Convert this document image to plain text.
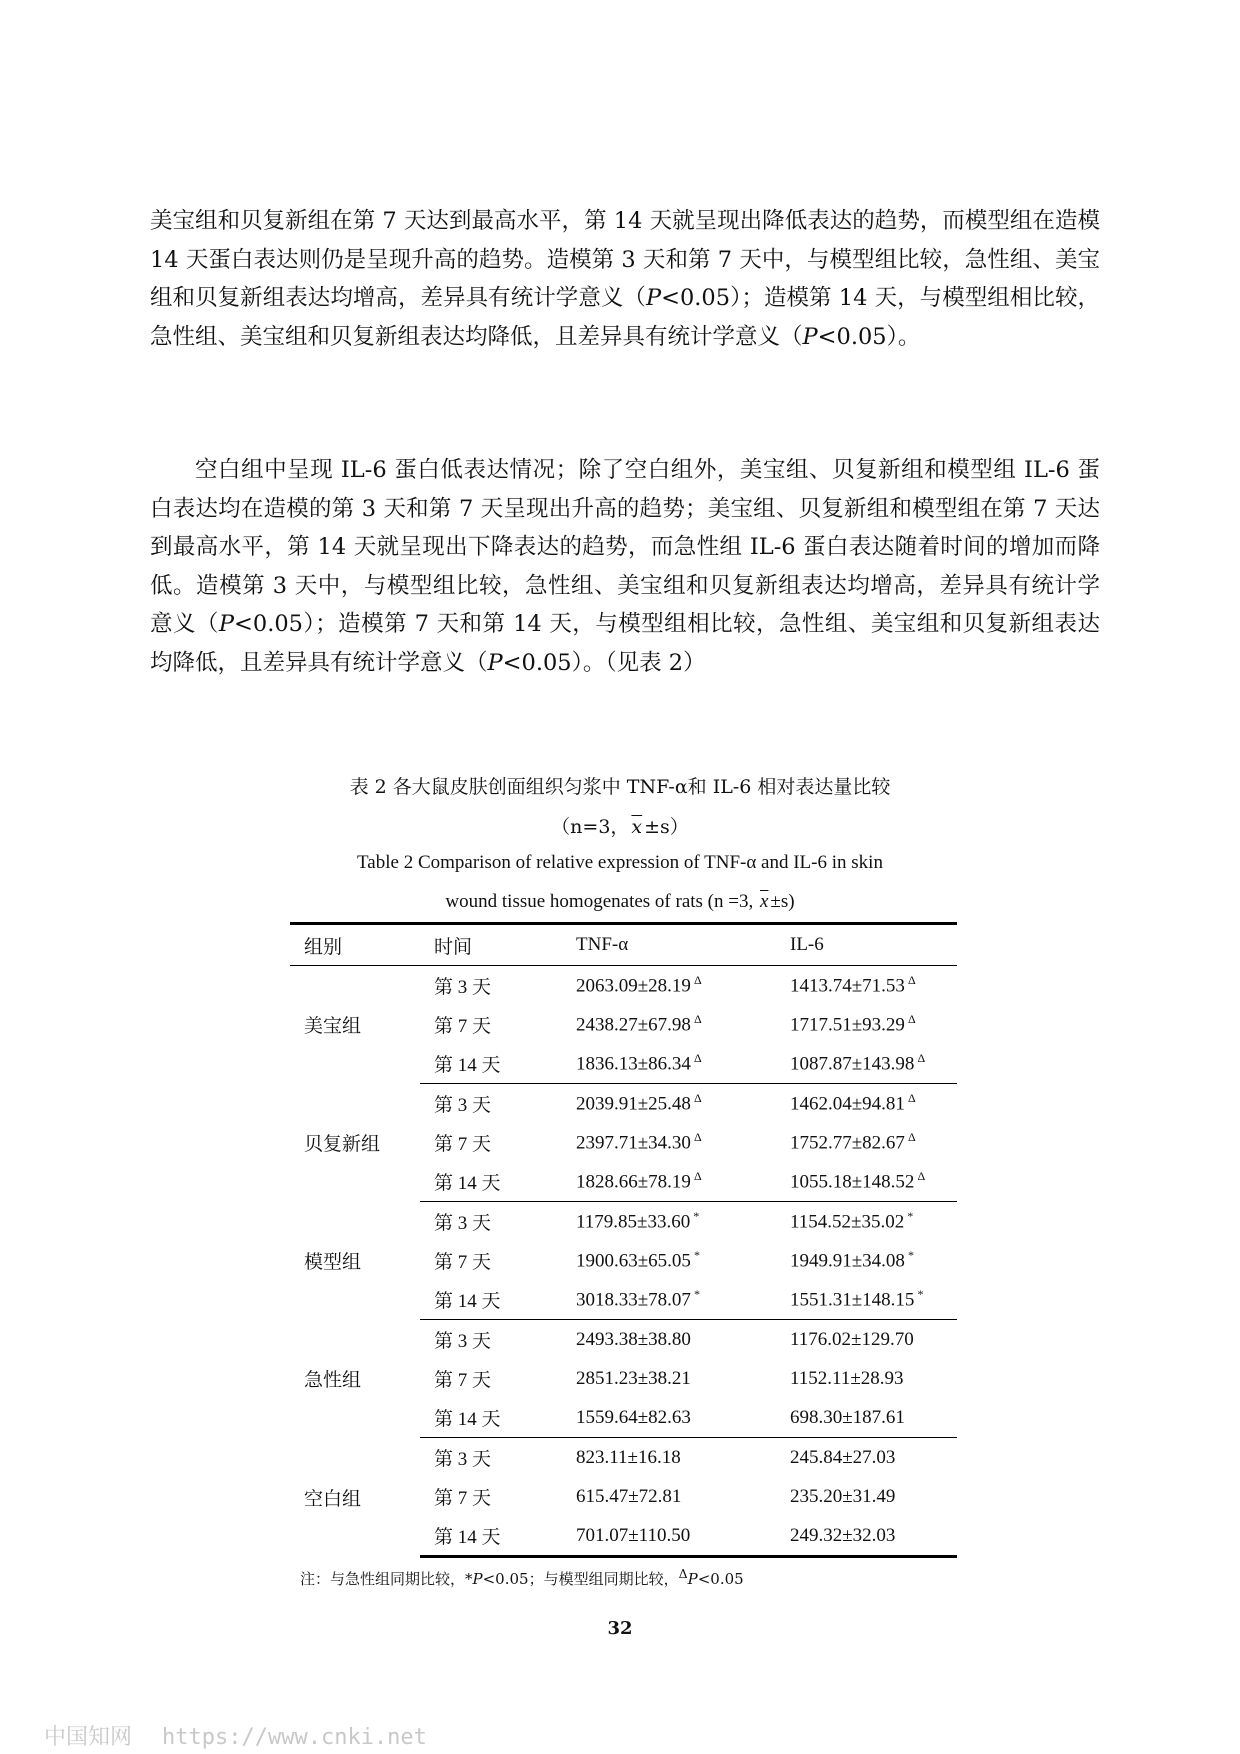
美宝组和贝复新组在第 7 天达到最高水平，第 14 天就呈现出降低表达的趋势，而模型组在造模 14 天蛋白表达则仍是呈现升高的趋势。造模第 3 天和第 7 天中，与模型组比较，急性组、美宝组和贝复新组表达均增高，差异具有统计学意义（P<0.05）；造模第 14 天，与模型组相比较，急性组、美宝组和贝复新组表达均降低，且差异具有统计学意义（P<0.05）。

空白组中呈现 IL-6 蛋白低表达情况；除了空白组外，美宝组、贝复新组和模型组 IL-6 蛋白表达均在造模的第 3 天和第 7 天呈现出升高的趋势；美宝组、贝复新组和模型组在第 7 天达到最高水平，第 14 天就呈现出下降表达的趋势，而急性组 IL-6 蛋白表达随着时间的增加而降低。造模第 3 天中，与模型组比较，急性组、美宝组和贝复新组表达均增高，差异具有统计学意义（P<0.05）；造模第 7 天和第 14 天，与模型组相比较，急性组、美宝组和贝复新组表达均降低，且差异具有统计学意义（P<0.05）。（见表 2）

表 2 各大鼠皮肤创面组织匀浆中 TNF-α和 IL-6 相对表达量比较

（n=3， $\overline{x} \pm s$）

Table 2 Comparison of relative expression of TNF-α and IL-6 in skin

wound tissue homogenates of rats (n =3, $\overline{x} \pm s$)

组别	时间	TNF-α	IL-6
美宝组	第 3 天	2063.09±28.19 $^\Delta$	1413.74±71.53 $^\Delta$
	第 7 天	2438.27±67.98 $^\Delta$	1717.51±93.29 $^\Delta$
	第 14 天	1836.13±86.34 $^\Delta$	1087.87±143.98 $^\Delta$
贝复新组	第 3 天	2039.91±25.48 $^\Delta$	1462.04±94.81 $^\Delta$
	第 7 天	2397.71±34.30 $^\Delta$	1752.77±82.67 $^\Delta$
	第 14 天	1828.66±78.19 $^\Delta$	1055.18±148.52 $^\Delta$
模型组	第 3 天	1179.85±33.60 *	1154.52±35.02 *
	第 7 天	1900.63±65.05 *	1949.91±34.08 *
	第 14 天	3018.33±78.07 *	1551.31±148.15 *
急性组	第 3 天	2493.38±38.80	1176.02±129.70
	第 7 天	2851.23±38.21	1152.11±28.93
	第 14 天	1559.64±82.63	698.30±187.61
空白组	第 3 天	823.11±16.18	245.84±27.03
	第 7 天	615.47±72.81	235.20±31.49
	第 14 天	701.07±110.50	249.32±32.03

注：与急性组同期比较，*P<0.05；与模型组同期比较，$^\Delta$P<0.05

32

中国知网 https://www.cnki.net
